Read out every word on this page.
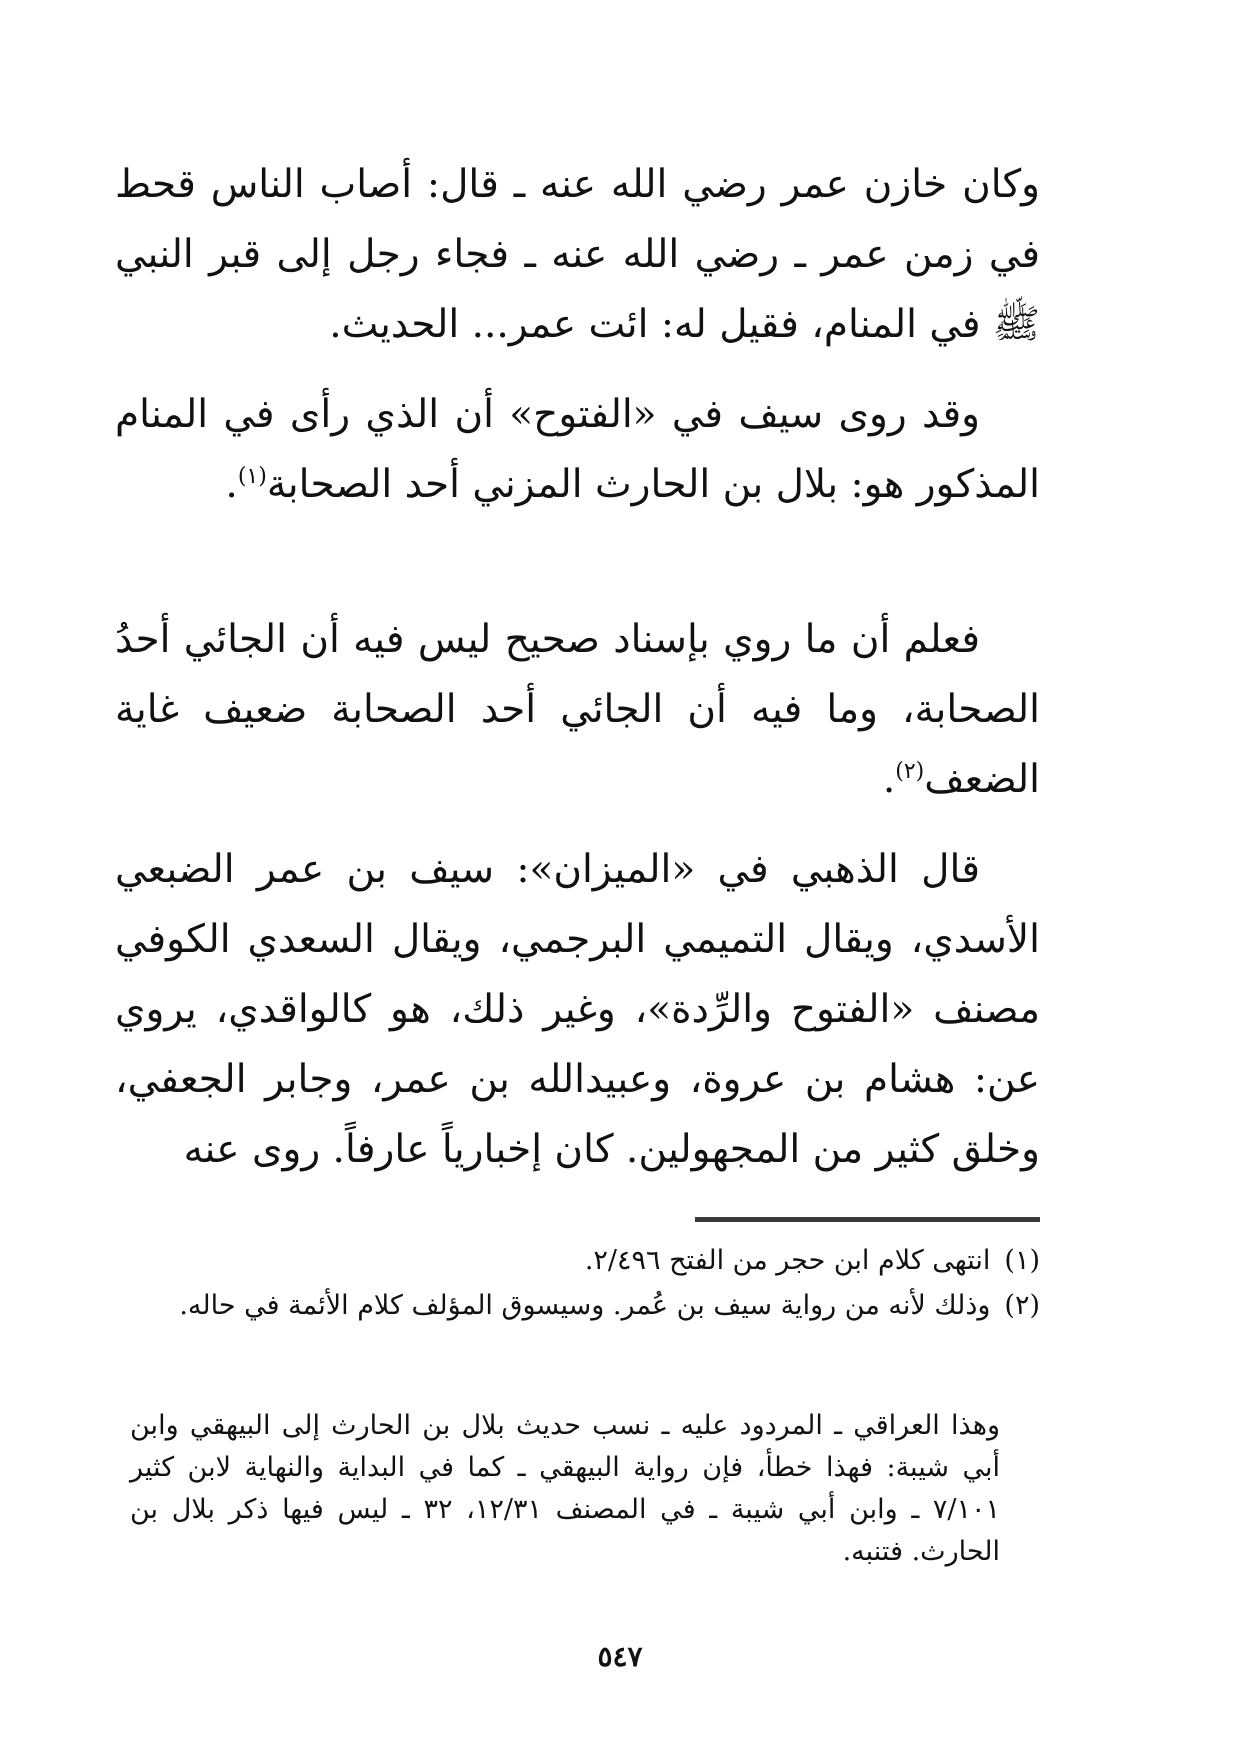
وكان خازن عمر رضي الله عنه ـ قال: أصاب الناس قحط في زمن عمر ـ رضي الله عنه ـ فجاء رجل إلى قبر النبي ﷺ في المنام، فقيل له: ائت عمر... الحديث.

وقد روى سيف في «الفتوح» أن الذي رأى في المنام المذكور هو: بلال بن الحارث المزني أحد الصحابة$^{(١)}$.

فعلم أن ما روي بإسناد صحيح ليس فيه أن الجائي أحدُ الصحابة، وما فيه أن الجائي أحد الصحابة ضعيف غاية الضعف$^{(٢)}$.

قال الذهبي في «الميزان»: سيف بن عمر الضبعي الأسدي، ويقال التميمي البرجمي، ويقال السعدي الكوفي مصنف «الفتوح والرِّدة»، وغير ذلك، هو كالواقدي، يروي عن: هشام بن عروة، وعبيدالله بن عمر، وجابر الجعفي، وخلق كثير من المجهولين. كان إخبارياً عارفاً. روى عنه

(١)انتهى كلام ابن حجر من الفتح ٢/٤٩٦.

(٢)وذلك لأنه من رواية سيف بن عُمر. وسيسوق المؤلف كلام الأئمة في حاله.

وهذا العراقي ـ المردود عليه ـ نسب حديث بلال بن الحارث إلى البيهقي وابن أبي شيبة: فهذا خطأ، فإن رواية البيهقي ـ كما في البداية والنهاية لابن كثير ٧/١٠١ ـ وابن أبي شيبة ـ في المصنف ١٢/٣١، ٣٢ ـ ليس فيها ذكر بلال بن الحارث. فتنبه.

٥٤٧
